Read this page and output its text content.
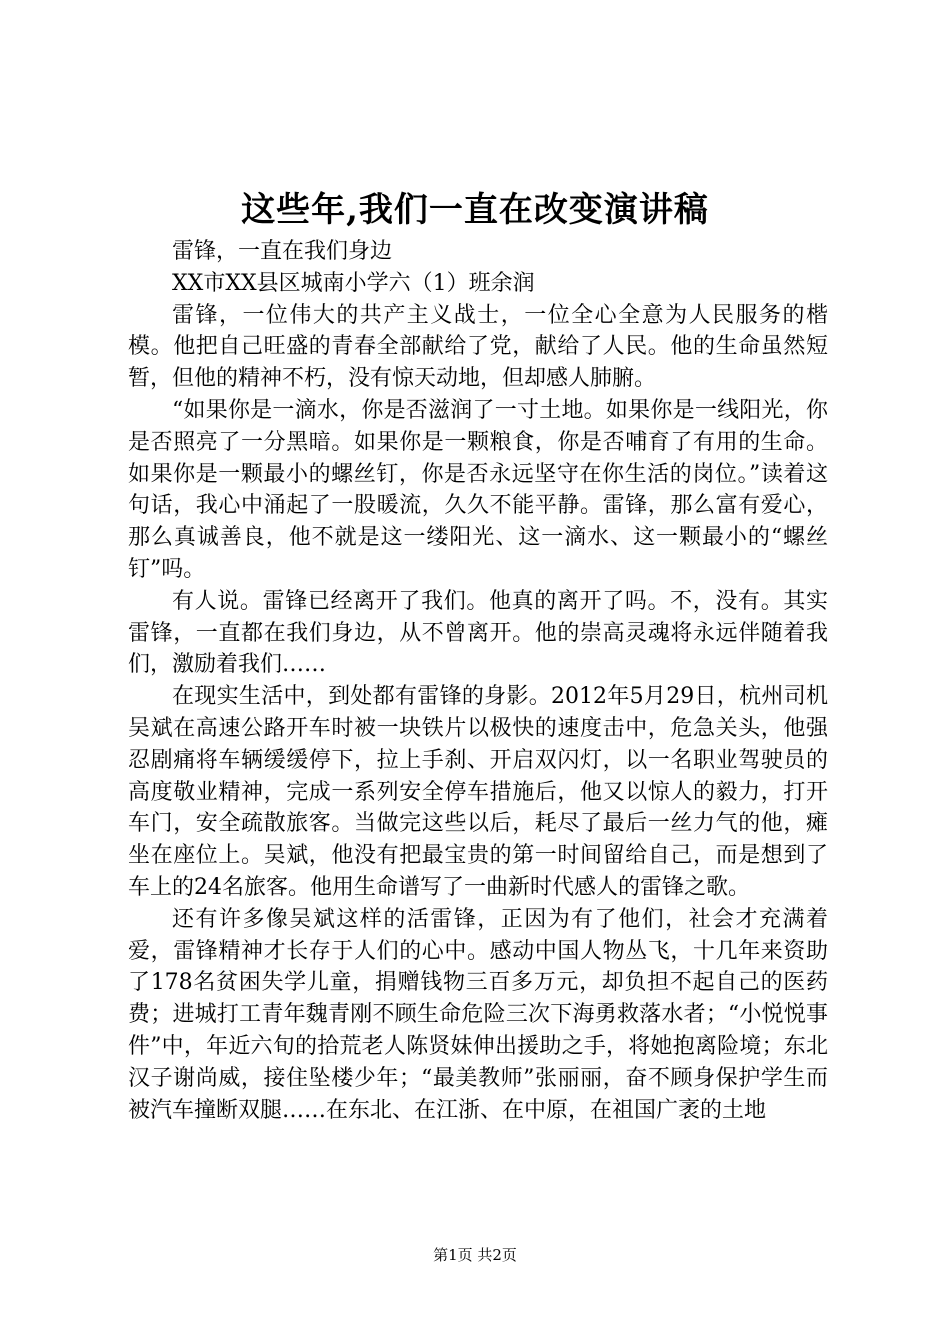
这些年,我们一直在改变演讲稿

雷锋，一直在我们身边

XX市XX县区城南小学六（1）班余润

雷锋，一位伟大的共产主义战士，一位全心全意为人民服务的楷模。他把自己旺盛的青春全部献给了党，献给了人民。他的生命虽然短暂，但他的精神不朽，没有惊天动地，但却感人肺腑。

“如果你是一滴水，你是否滋润了一寸土地。如果你是一线阳光，你是否照亮了一分黑暗。如果你是一颗粮食，你是否哺育了有用的生命。如果你是一颗最小的螺丝钉，你是否永远坚守在你生活的岗位。”读着这句话，我心中涌起了一股暖流，久久不能平静。雷锋，那么富有爱心，那么真诚善良，他不就是这一缕阳光、这一滴水、这一颗最小的“螺丝钉”吗。

有人说。雷锋已经离开了我们。他真的离开了吗。不，没有。其实雷锋，一直都在我们身边，从不曾离开。他的崇高灵魂将永远伴随着我们，激励着我们……

在现实生活中，到处都有雷锋的身影。2012年5月29日，杭州司机吴斌在高速公路开车时被一块铁片以极快的速度击中，危急关头，他强忍剧痛将车辆缓缓停下，拉上手刹、开启双闪灯，以一名职业驾驶员的高度敬业精神，完成一系列安全停车措施后，他又以惊人的毅力，打开车门，安全疏散旅客。当做完这些以后，耗尽了最后一丝力气的他，瘫坐在座位上。吴斌，他没有把最宝贵的第一时间留给自己，而是想到了车上的24名旅客。他用生命谱写了一曲新时代感人的雷锋之歌。

还有许多像吴斌这样的活雷锋，正因为有了他们，社会才充满着爱，雷锋精神才长存于人们的心中。感动中国人物丛飞，十几年来资助了178名贫困失学儿童，捐赠钱物三百多万元，却负担不起自己的医药费；进城打工青年魏青刚不顾生命危险三次下海勇救落水者；“小悦悦事件”中，年近六旬的拾荒老人陈贤妹伸出援助之手，将她抱离险境；东北汉子谢尚威，接住坠楼少年；“最美教师”张丽丽，奋不顾身保护学生而被汽车撞断双腿……在东北、在江浙、在中原，在祖国广袤的土地

第1页 共2页
